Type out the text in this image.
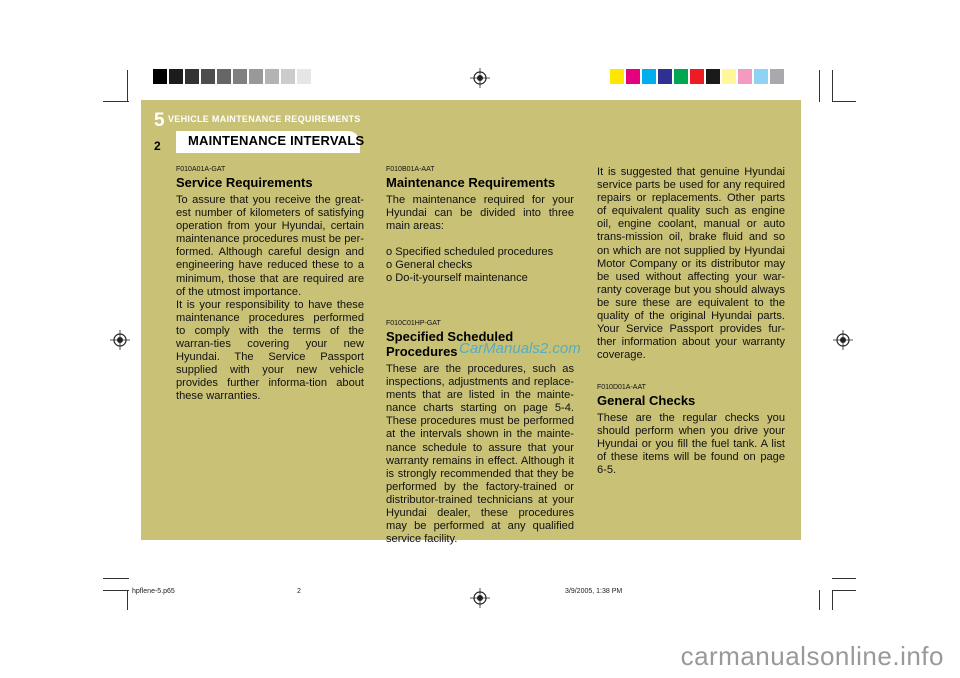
5 VEHICLE MAINTENANCE REQUIREMENTS
2 MAINTENANCE INTERVALS

F010A01A-GAT

Service Requirements

To assure that you receive the great-est number of kilometers of satisfying operation from your Hyundai, certain maintenance procedures must be per-formed. Although careful design and engineering have reduced these to a minimum, those that are required are of the utmost importance.

It is your responsibility to have these maintenance procedures performed to comply with the terms of the warran-ties covering your new Hyundai. The Service Passport supplied with your new vehicle provides further informa-tion about these warranties.

F010B01A-AAT

Maintenance Requirements

The maintenance required for your Hyundai can be divided into three main areas:

o Specified scheduled procedures
o General checks
o Do-it-yourself maintenance

F010C01HP-GAT

Specified Scheduled Procedures

These are the procedures, such as inspections, adjustments and replace-ments that are listed in the mainte-nance charts starting on page 5-4. These procedures must be performed at the intervals shown in the mainte-nance schedule to assure that your warranty remains in effect. Although it is strongly recommended that they be performed by the factory-trained or distributor-trained technicians at your Hyundai dealer, these procedures may be performed at any qualified service facility.

It is suggested that genuine Hyundai service parts be used for any required repairs or replacements. Other parts of equivalent quality such as engine oil, engine coolant, manual or auto trans-mission oil, brake fluid and so on which are not supplied by Hyundai Motor Company or its distributor may be used without affecting your war-ranty coverage but you should always be sure these are equivalent to the quality of the original Hyundai parts. Your Service Passport provides fur-ther information about your warranty coverage.

F010D01A-AAT

General Checks

These are the regular checks you should perform when you drive your Hyundai or you fill the fuel tank. A list of these items will be found on page 6-5.

CarManuals2.com
hpflene-5.p65	2	3/9/2005, 1:38 PM
carmanualsonline.info
